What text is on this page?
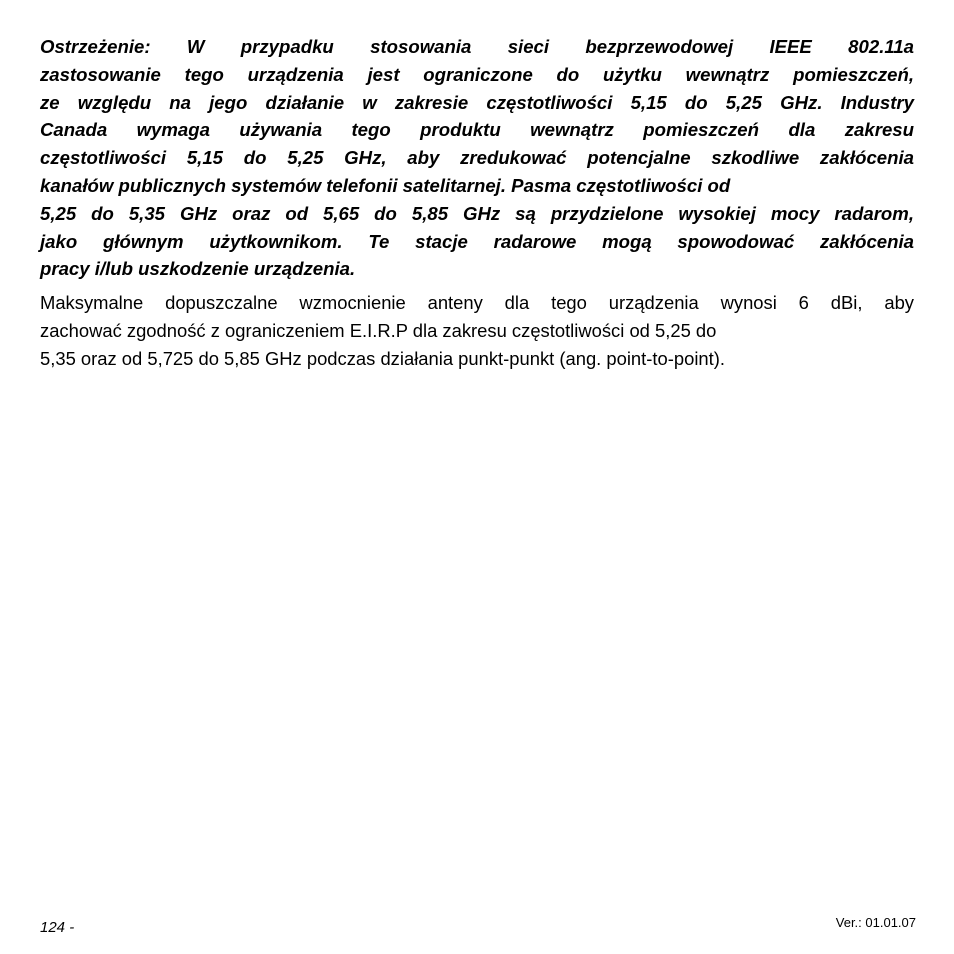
Ostrzeżenie: W przypadku stosowania sieci bezprzewodowej IEEE 802.11a
zastosowanie tego urządzenia jest ograniczone do użytku wewnątrz pomieszczeń,
ze względu na jego działanie w zakresie częstotliwości 5,15 do 5,25 GHz. Industry
Canada wymaga używania tego produktu wewnątrz pomieszczeń dla zakresu
częstotliwości 5,15 do 5,25 GHz, aby zredukować potencjalne szkodliwe zakłócenia
kanałów publicznych systemów telefonii satelitarnej. Pasma częstotliwości od
5,25 do 5,35 GHz oraz od 5,65 do 5,85 GHz są przydzielone wysokiej mocy radarom,
jako głównym użytkownikom. Te stacje radarowe mogą spowodować zakłócenia
pracy i/lub uszkodzenie urządzenia.
Maksymalne dopuszczalne wzmocnienie anteny dla tego urządzenia wynosi 6 dBi, aby
zachować zgodność z ograniczeniem E.I.R.P dla zakresu częstotliwości od 5,25 do
5,35 oraz od 5,725 do 5,85 GHz podczas działania punkt-punkt (ang. point-to-point).
124 -	Ver.: 01.01.07
